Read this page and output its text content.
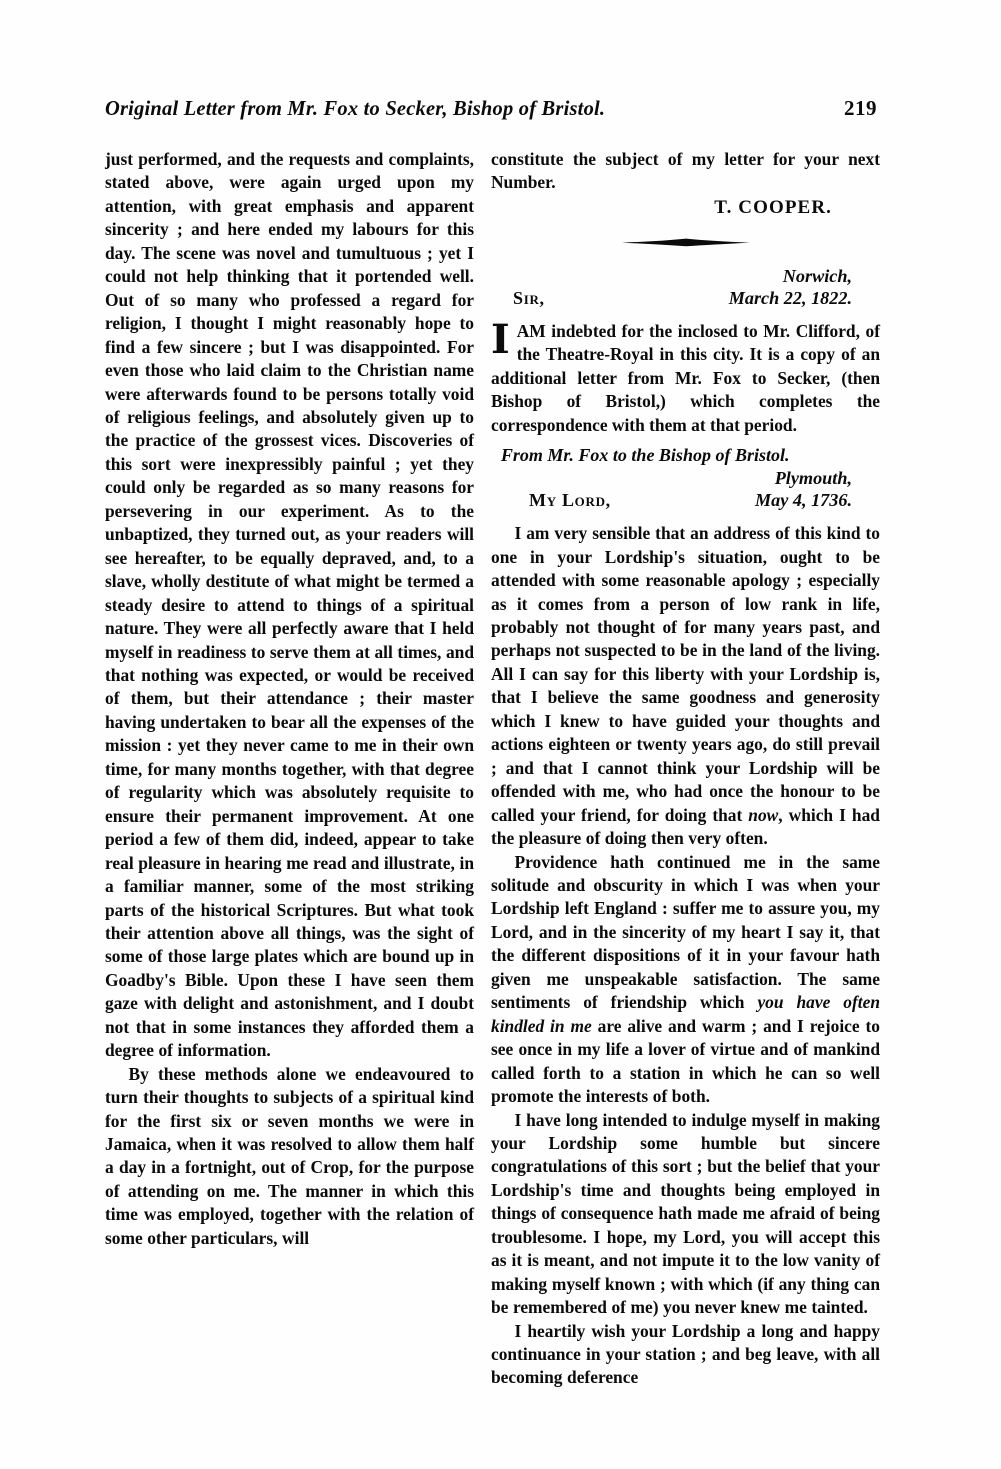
Original Letter from Mr. Fox to Secker, Bishop of Bristol.	219

just performed, and the requests and complaints, stated above, were again urged upon my attention, with great emphasis and apparent sincerity ; and here ended my labours for this day. The scene was novel and tumultuous ; yet I could not help thinking that it portended well. Out of so many who professed a regard for religion, I thought I might reasonably hope to find a few sincere ; but I was disappointed. For even those who laid claim to the Christian name were afterwards found to be persons totally void of religious feelings, and absolutely given up to the practice of the grossest vices. Discoveries of this sort were inexpressibly painful ; yet they could only be regarded as so many reasons for persevering in our experiment. As to the unbaptized, they turned out, as your readers will see hereafter, to be equally depraved, and, to a slave, wholly destitute of what might be termed a steady desire to attend to things of a spiritual nature. They were all perfectly aware that I held myself in readiness to serve them at all times, and that nothing was expected, or would be received of them, but their attendance ; their master having undertaken to bear all the expenses of the mission : yet they never came to me in their own time, for many months together, with that degree of regularity which was absolutely requisite to ensure their permanent improvement. At one period a few of them did, indeed, appear to take real pleasure in hearing me read and illustrate, in a familiar manner, some of the most striking parts of the historical Scriptures. But what took their attention above all things, was the sight of some of those large plates which are bound up in Goadby's Bible. Upon these I have seen them gaze with delight and astonishment, and I doubt not that in some instances they afforded them a degree of information.

By these methods alone we endeavoured to turn their thoughts to subjects of a spiritual kind for the first six or seven months we were in Jamaica, when it was resolved to allow them half a day in a fortnight, out of Crop, for the purpose of attending on me. The manner in which this time was employed, together with the relation of some other particulars, will

constitute the subject of my letter for your next Number.

T. COOPER.

Norwich,
March 22, 1822.
Sir,

IAM indebted for the inclosed to Mr. Clifford, of the Theatre-Royal in this city. It is a copy of an additional letter from Mr. Fox to Secker, (then Bishop of Bristol,) which completes the correspondence with them at that period.

From Mr. Fox to the Bishop of Bristol.

Plymouth,
May 4, 1736.
My Lord,

I am very sensible that an address of this kind to one in your Lordship's situation, ought to be attended with some reasonable apology ; especially as it comes from a person of low rank in life, probably not thought of for many years past, and perhaps not suspected to be in the land of the living. All I can say for this liberty with your Lordship is, that I believe the same goodness and generosity which I knew to have guided your thoughts and actions eighteen or twenty years ago, do still prevail ; and that I cannot think your Lordship will be offended with me, who had once the honour to be called your friend, for doing that now, which I had the pleasure of doing then very often.

Providence hath continued me in the same solitude and obscurity in which I was when your Lordship left England : suffer me to assure you, my Lord, and in the sincerity of my heart I say it, that the different dispositions of it in your favour hath given me unspeakable satisfaction. The same sentiments of friendship which you have often kindled in me are alive and warm ; and I rejoice to see once in my life a lover of virtue and of mankind called forth to a station in which he can so well promote the interests of both.

I have long intended to indulge myself in making your Lordship some humble but sincere congratulations of this sort ; but the belief that your Lordship's time and thoughts being employed in things of consequence hath made me afraid of being troublesome. I hope, my Lord, you will accept this as it is meant, and not impute it to the low vanity of making myself known ; with which (if any thing can be remembered of me) you never knew me tainted.

I heartily wish your Lordship a long and happy continuance in your station ; and beg leave, with all becoming deference
